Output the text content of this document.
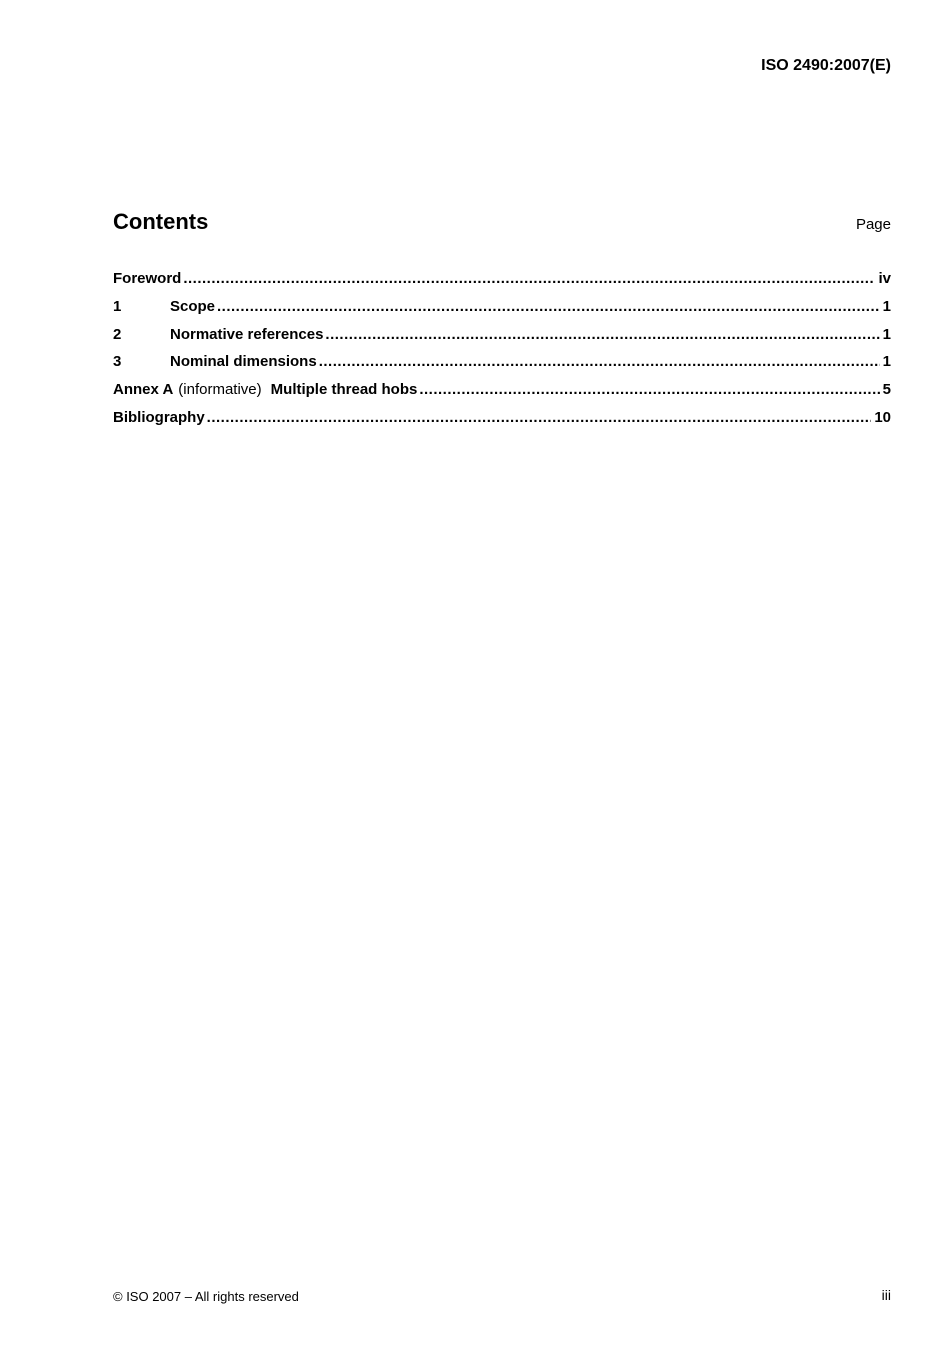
ISO 2490:2007(E)
Contents	Page
Foreword .....	iv
1	Scope .....	1
2	Normative references .....	1
3	Nominal dimensions .....	1
Annex A (informative) Multiple thread hobs .....	5
Bibliography .....	10
© ISO 2007 – All rights reserved	iii
